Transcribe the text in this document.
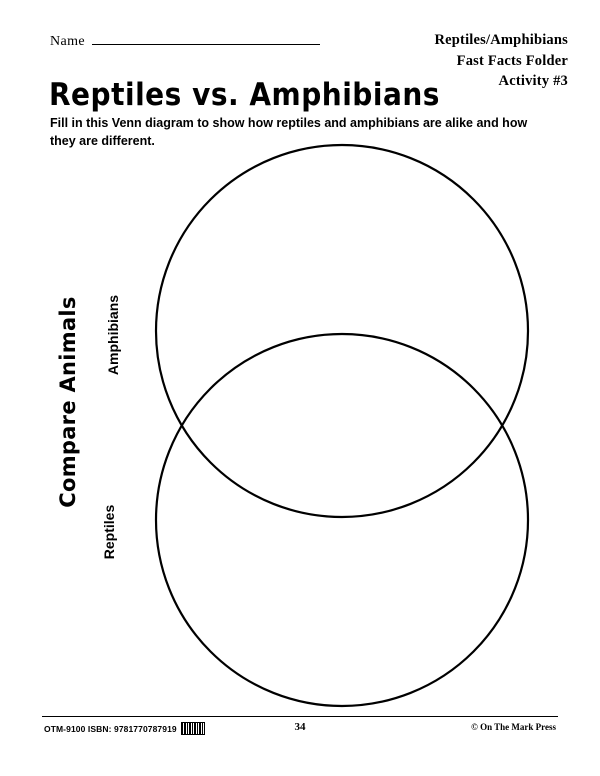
Name	Reptiles/Amphibians
Fast Facts Folder
Activity #3
Reptiles vs. Amphibians
Fill in this Venn diagram to show how reptiles and amphibians are alike and how they are different.
Compare Animals Amphibians
Reptiles
OTM-9100 ISBN: 9781770787919	34	© On The Mark Press
